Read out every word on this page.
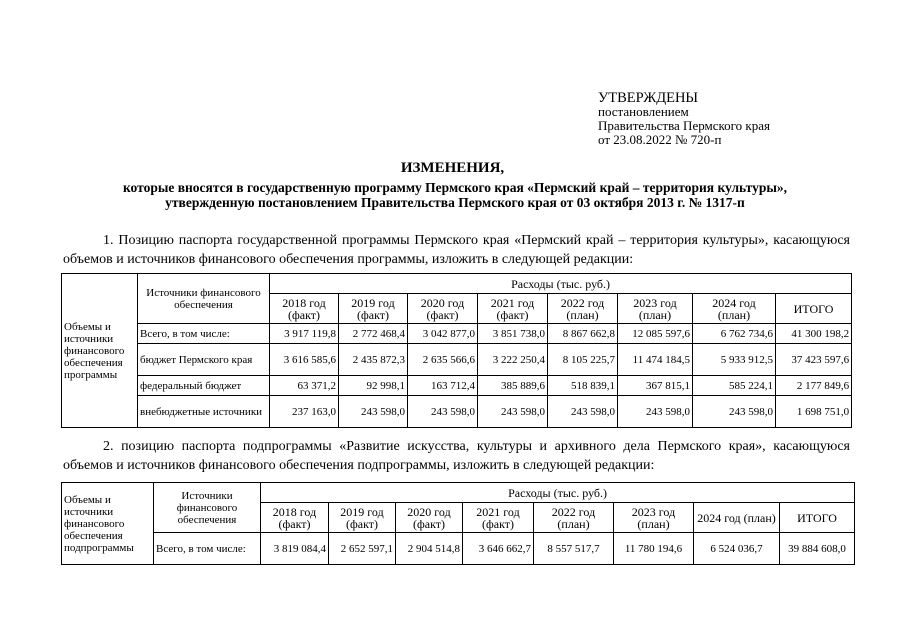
УТВЕРЖДЕНЫ
постановлением
Правительства Пермского края
от 23.08.2022 № 720-п
ИЗМЕНЕНИЯ,
которые вносятся в государственную программу Пермского края «Пермский край – территория культуры»,
утвержденную постановлением Правительства Пермского края от 03 октября 2013 г. № 1317-п
1. Позицию паспорта государственной программы Пермского края «Пермский край – территория культуры», касающуюся объемов и источников финансового обеспечения программы, изложить в следующей редакции:
Объемы и источники финансового обеспечения программы	Источники финансового обеспечения	Расходы (тыс. руб.)							
		2018 год (факт)	2019 год (факт)	2020 год (факт)	2021 год (факт)	2022 год (план)	2023 год (план)	2024 год (план)	ИТОГО
	Всего, в том числе:	3 917 119,8	2 772 468,4	3 042 877,0	3 851 738,0	8 867 662,8	12 085 597,6	6 762 734,6	41 300 198,2
	бюджет Пермского края	3 616 585,6	2 435 872,3	2 635 566,6	3 222 250,4	8 105 225,7	11 474 184,5	5 933 912,5	37 423 597,6
	федеральный бюджет	63 371,2	92 998,1	163 712,4	385 889,6	518 839,1	367 815,1	585 224,1	2 177 849,6
	внебюджетные источники	237 163,0	243 598,0	243 598,0	243 598,0	243 598,0	243 598,0	243 598,0	1 698 751,0
2. позицию паспорта подпрограммы «Развитие искусства, культуры и архивного дела Пермского края», касающуюся объемов и источников финансового обеспечения подпрограммы, изложить в следующей редакции:
Объемы и источники финансового обеспечения подпрограммы	Источники финансового обеспечения	Расходы (тыс. руб.)							
		2018 год (факт)	2019 год (факт)	2020 год (факт)	2021 год (факт)	2022 год (план)	2023 год (план)	2024 год (план)	ИТОГО
	Всего, в том числе:	3 819 084,4	2 652 597,1	2 904 514,8	3 646 662,7	8 557 517,7	11 780 194,6	6 524 036,7	39 884 608,0
